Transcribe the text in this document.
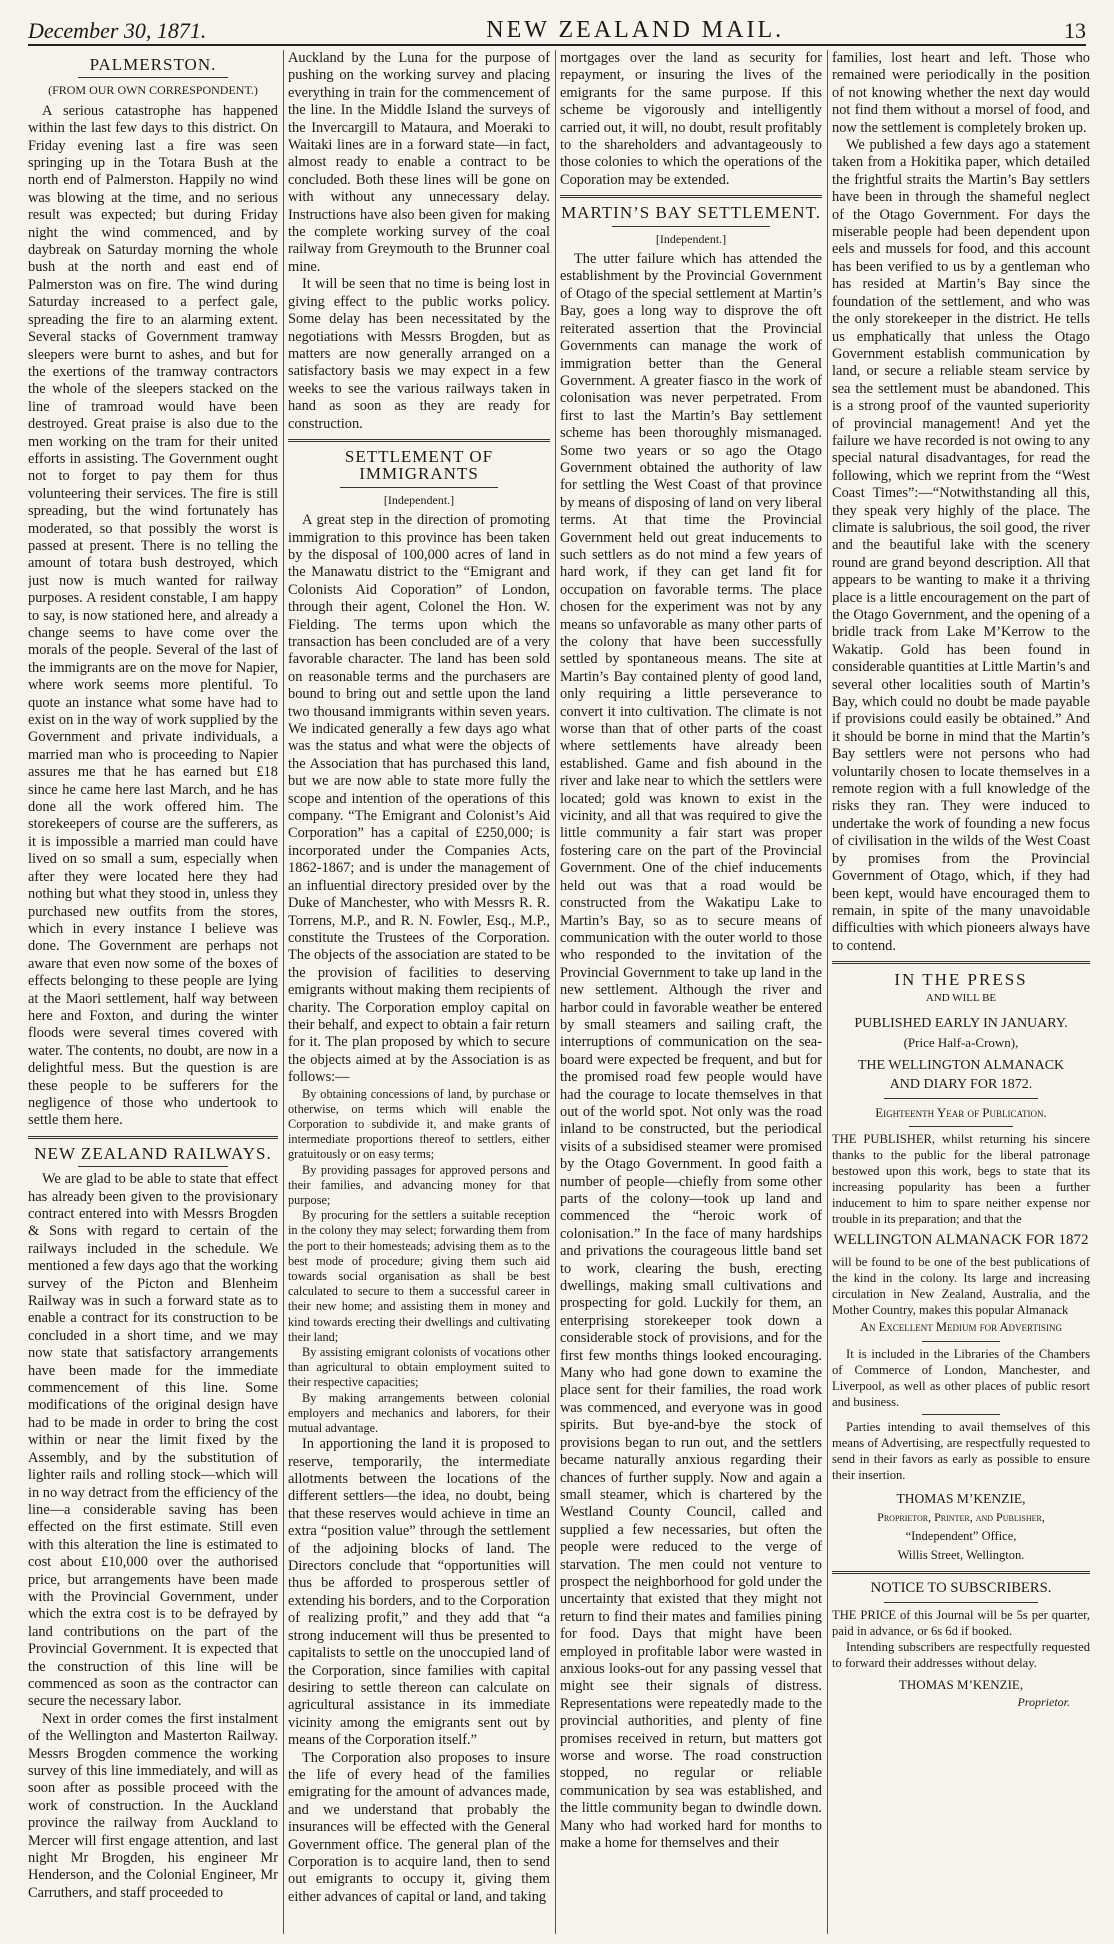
December 30, 1871.	NEW ZEALAND MAIL.	13
PALMERSTON.
(FROM OUR OWN CORRESPONDENT.)

A serious catastrophe has happened within the last few days to this district. On Friday evening last a fire was seen springing up in the Totara Bush at the north end of Palmerston. Happily no wind was blowing at the time, and no serious result was expected; but during Friday night the wind commenced, and by daybreak on Saturday morning the whole bush at the north and east end of Palmerston was on fire. The wind during Saturday increased to a perfect gale, spreading the fire to an alarming extent. Several stacks of Government tramway sleepers were burnt to ashes, and but for the exertions of the tramway contractors the whole of the sleepers stacked on the line of tramroad would have been destroyed. Great praise is also due to the men working on the tram for their united efforts in assisting. The Government ought not to forget to pay them for thus volunteering their services. The fire is still spreading, but the wind fortunately has moderated, so that possibly the worst is passed at present. There is no telling the amount of totara bush destroyed, which just now is much wanted for railway purposes. A resident constable, I am happy to say, is now stationed here, and already a change seems to have come over the morals of the people. Several of the last of the immigrants are on the move for Napier, where work seems more plentiful. To quote an instance what some have had to exist on in the way of work supplied by the Government and private individuals, a married man who is proceeding to Napier assures me that he has earned but £18 since he came here last March, and he has done all the work offered him. The storekeepers of course are the sufferers, as it is impossible a married man could have lived on so small a sum, especially when after they were located here they had nothing but what they stood in, unless they purchased new outfits from the stores, which in every instance I believe was done. The Government are perhaps not aware that even now some of the boxes of effects belonging to these people are lying at the Maori settlement, half way between here and Foxton, and during the winter floods were several times covered with water. The contents, no doubt, are now in a delightful mess. But the question is are these people to be sufferers for the negligence of those who undertook to settle them here.

NEW ZEALAND RAILWAYS.

We are glad to be able to state that effect has already been given to the provisionary contract entered into with Messrs Brogden & Sons with regard to certain of the railways included in the schedule. We mentioned a few days ago that the working survey of the Picton and Blenheim Railway was in such a forward state as to enable a contract for its construction to be concluded in a short time, and we may now state that satisfactory arrangements have been made for the immediate commencement of this line. Some modifications of the original design have had to be made in order to bring the cost within or near the limit fixed by the Assembly, and by the substitution of lighter rails and rolling stock—which will in no way detract from the efficiency of the line—a considerable saving has been effected on the first estimate. Still even with this alteration the line is estimated to cost about £10,000 over the authorised price, but arrangements have been made with the Provincial Government, under which the extra cost is to be defrayed by land contributions on the part of the Provincial Government. It is expected that the construction of this line will be commenced as soon as the contractor can secure the necessary labor.

Next in order comes the first instalment of the Wellington and Masterton Railway. Messrs Brogden commence the working survey of this line immediately, and will as soon after as possible proceed with the work of construction. In the Auckland province the railway from Auckland to Mercer will first engage attention, and last night Mr Brogden, his engineer Mr Henderson, and the Colonial Engineer, Mr Carruthers, and staff proceeded to

Auckland by the Luna for the purpose of pushing on the working survey and placing everything in train for the commencement of the line. In the Middle Island the surveys of the Invercargill to Mataura, and Moeraki to Waitaki lines are in a forward state—in fact, almost ready to enable a contract to be concluded. Both these lines will be gone on with without any unnecessary delay. Instructions have also been given for making the complete working survey of the coal railway from Greymouth to the Brunner coal mine.

It will be seen that no time is being lost in giving effect to the public works policy. Some delay has been necessitated by the negotiations with Messrs Brogden, but as matters are now generally arranged on a satisfactory basis we may expect in a few weeks to see the various railways taken in hand as soon as they are ready for construction.

SETTLEMENT OF IMMIGRANTS
[Independent.]

A great step in the direction of promoting immigration to this province has been taken by the disposal of 100,000 acres of land in the Manawatu district to the “Emigrant and Colonists Aid Coporation” of London, through their agent, Colonel the Hon. W. Fielding. The terms upon which the transaction has been concluded are of a very favorable character. The land has been sold on reasonable terms and the purchasers are bound to bring out and settle upon the land two thousand immigrants within seven years. We indicated generally a few days ago what was the status and what were the objects of the Association that has purchased this land, but we are now able to state more fully the scope and intention of the operations of this company. “The Emigrant and Colonist’s Aid Corporation” has a capital of £250,000; is incorporated under the Companies Acts, 1862-1867; and is under the management of an influential directory presided over by the Duke of Manchester, who with Messrs R. R. Torrens, M.P., and R. N. Fowler, Esq., M.P., constitute the Trustees of the Corporation. The objects of the association are stated to be the provision of facilities to deserving emigrants without making them recipients of charity. The Corporation employ capital on their behalf, and expect to obtain a fair return for it. The plan proposed by which to secure the objects aimed at by the Association is as follows:—

By obtaining concessions of land, by purchase or otherwise, on terms which will enable the Corporation to subdivide it, and make grants of intermediate proportions thereof to settlers, either gratuitously or on easy terms;

By providing passages for approved persons and their families, and advancing money for that purpose;

By procuring for the settlers a suitable reception in the colony they may select; forwarding them from the port to their homesteads; advising them as to the best mode of procedure; giving them such aid towards social organisation as shall be best calculated to secure to them a successful career in their new home; and assisting them in money and kind towards erecting their dwellings and cultivating their land;

By assisting emigrant colonists of vocations other than agricultural to obtain employment suited to their respective capacities;

By making arrangements between colonial employers and mechanics and laborers, for their mutual advantage.

In apportioning the land it is proposed to reserve, temporarily, the intermediate allotments between the locations of the different settlers—the idea, no doubt, being that these reserves would achieve in time an extra “position value” through the settlement of the adjoining blocks of land. The Directors conclude that “opportunities will thus be afforded to prosperous settler of extending his borders, and to the Corporation of realizing profit,” and they add that “a strong inducement will thus be presented to capitalists to settle on the unoccupied land of the Corporation, since families with capital desiring to settle thereon can calculate on agricultural assistance in its immediate vicinity among the emigrants sent out by means of the Corporation itself.”

The Corporation also proposes to insure the life of every head of the families emigrating for the amount of advances made, and we understand that probably the insurances will be effected with the General Government office. The general plan of the Corporation is to acquire land, then to send out emigrants to occupy it, giving them either advances of capital or land, and taking

mortgages over the land as security for repayment, or insuring the lives of the emigrants for the same purpose. If this scheme be vigorously and intelligently carried out, it will, no doubt, result profitably to the shareholders and advantageously to those colonies to which the operations of the Coporation may be extended.

MARTIN’S BAY SETTLEMENT.
[Independent.]

The utter failure which has attended the establishment by the Provincial Government of Otago of the special settlement at Martin’s Bay, goes a long way to disprove the oft reiterated assertion that the Provincial Governments can manage the work of immigration better than the General Government. A greater fiasco in the work of colonisation was never perpetrated. From first to last the Martin’s Bay settlement scheme has been thoroughly mismanaged. Some two years or so ago the Otago Government obtained the authority of law for settling the West Coast of that province by means of disposing of land on very liberal terms. At that time the Provincial Government held out great inducements to such settlers as do not mind a few years of hard work, if they can get land fit for occupation on favorable terms. The place chosen for the experiment was not by any means so unfavorable as many other parts of the colony that have been successfully settled by spontaneous means. The site at Martin’s Bay contained plenty of good land, only requiring a little perseverance to convert it into cultivation. The climate is not worse than that of other parts of the coast where settlements have already been established. Game and fish abound in the river and lake near to which the settlers were located; gold was known to exist in the vicinity, and all that was required to give the little community a fair start was proper fostering care on the part of the Provincial Government. One of the chief inducements held out was that a road would be constructed from the Wakatipu Lake to Martin’s Bay, so as to secure means of communication with the outer world to those who responded to the invitation of the Provincial Government to take up land in the new settlement. Although the river and harbor could in favorable weather be entered by small steamers and sailing craft, the interruptions of communication on the sea-board were expected be frequent, and but for the promised road few people would have had the courage to locate themselves in that out of the world spot. Not only was the road inland to be constructed, but the periodical visits of a subsidised steamer were promised by the Otago Government. In good faith a number of people—chiefly from some other parts of the colony—took up land and commenced the “heroic work of colonisation.” In the face of many hardships and privations the courageous little band set to work, clearing the bush, erecting dwellings, making small cultivations and prospecting for gold. Luckily for them, an enterprising storekeeper took down a considerable stock of provisions, and for the first few months things looked encouraging. Many who had gone down to examine the place sent for their families, the road work was commenced, and everyone was in good spirits. But bye-and-bye the stock of provisions began to run out, and the settlers became naturally anxious regarding their chances of further supply. Now and again a small steamer, which is chartered by the Westland County Council, called and supplied a few necessaries, but often the people were reduced to the verge of starvation. The men could not venture to prospect the neighborhood for gold under the uncertainty that existed that they might not return to find their mates and families pining for food. Days that might have been employed in profitable labor were wasted in anxious looks-out for any passing vessel that might see their signals of distress. Representations were repeatedly made to the provincial authorities, and plenty of fine promises received in return, but matters got worse and worse. The road construction stopped, no regular or reliable communication by sea was established, and the little community began to dwindle down. Many who had worked hard for months to make a home for themselves and their

families, lost heart and left. Those who remained were periodically in the position of not knowing whether the next day would not find them without a morsel of food, and now the settlement is completely broken up.

We published a few days ago a statement taken from a Hokitika paper, which detailed the frightful straits the Martin’s Bay settlers have been in through the shameful neglect of the Otago Government. For days the miserable people had been dependent upon eels and mussels for food, and this account has been verified to us by a gentleman who has resided at Martin’s Bay since the foundation of the settlement, and who was the only storekeeper in the district. He tells us emphatically that unless the Otago Government establish communication by land, or secure a reliable steam service by sea the settlement must be abandoned. This is a strong proof of the vaunted superiority of provincial management! And yet the failure we have recorded is not owing to any special natural disadvantages, for read the following, which we reprint from the “West Coast Times”:—“Notwithstanding all this, they speak very highly of the place. The climate is salubrious, the soil good, the river and the beautiful lake with the scenery round are grand beyond description. All that appears to be wanting to make it a thriving place is a little encouragement on the part of the Otago Government, and the opening of a bridle track from Lake M’Kerrow to the Wakatip. Gold has been found in considerable quantities at Little Martin’s and several other localities south of Martin’s Bay, which could no doubt be made payable if provisions could easily be obtained.” And it should be borne in mind that the Martin’s Bay settlers were not persons who had voluntarily chosen to locate themselves in a remote region with a full knowledge of the risks they ran. They were induced to undertake the work of founding a new focus of civilisation in the wilds of the West Coast by promises from the Provincial Government of Otago, which, if they had been kept, would have encouraged them to remain, in spite of the many unavoidable difficulties with which pioneers always have to contend.

IN THE PRESS
AND WILL BE
PUBLISHED EARLY IN JANUARY.
(Price Half-a-Crown),
THE WELLINGTON ALMANACK
AND DIARY FOR 1872.
Eighteenth Year of Publication.

THE PUBLISHER, whilst returning his sincere thanks to the public for the liberal patronage bestowed upon this work, begs to state that its increasing popularity has been a further inducement to him to spare neither expense nor trouble in its preparation; and that the

WELLINGTON ALMANACK FOR 1872

will be found to be one of the best publications of the kind in the colony. Its large and increasing circulation in New Zealand, Australia, and the Mother Country, makes this popular Almanack

An Excellent Medium for Advertising

It is included in the Libraries of the Chambers of Commerce of London, Manchester, and Liverpool, as well as other places of public resort and business.

Parties intending to avail themselves of this means of Advertising, are respectfully requested to send in their favors as early as possible to ensure their insertion.

THOMAS M’KENZIE,
Proprietor, Printer, and Publisher,
“Independent” Office,
Willis Street, Wellington.
NOTICE TO SUBSCRIBERS.

THE PRICE of this Journal will be 5s per quarter, paid in advance, or 6s 6d if booked.

Intending subscribers are respectfully requested to forward their addresses without delay.

THOMAS M’KENZIE,
Proprietor.
